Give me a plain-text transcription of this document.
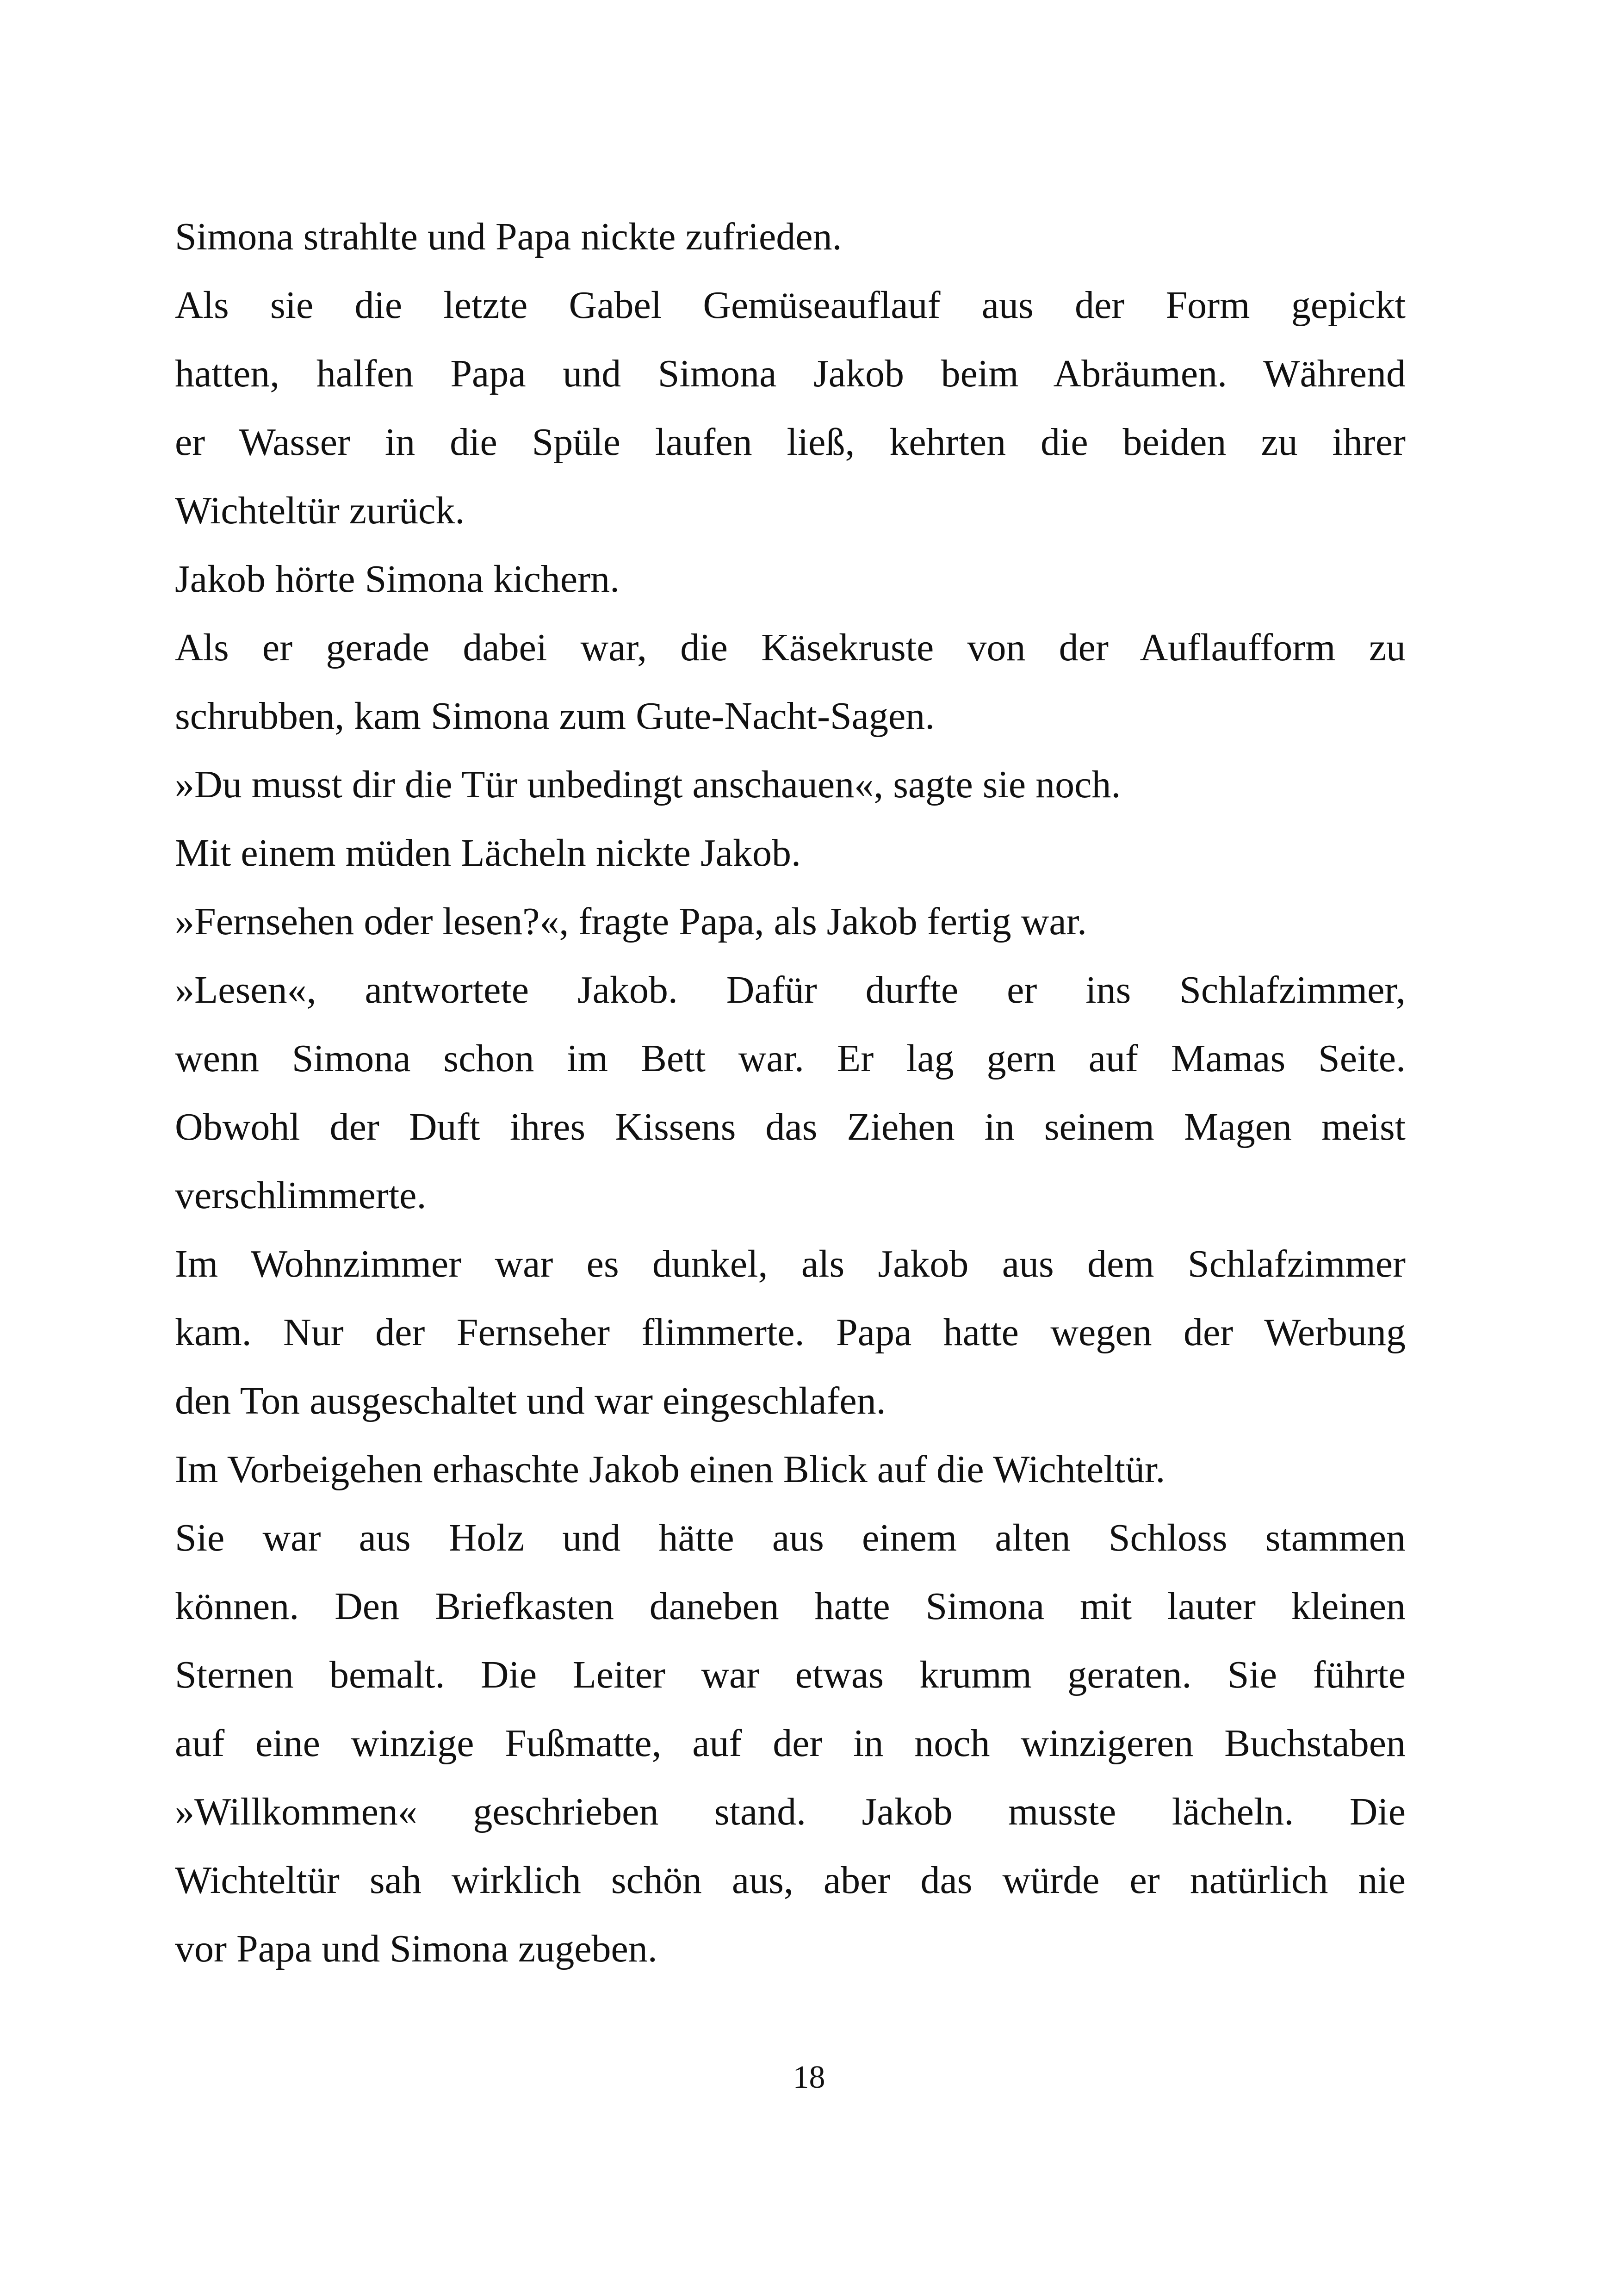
Simona strahlte und Papa nickte zufrieden.
Als sie die letzte Gabel Gemüseauflauf aus der Form gepickt
hatten, halfen Papa und Simona Jakob beim Abräumen. Während
er Wasser in die Spüle laufen ließ, kehrten die beiden zu ihrer
Wichteltür zurück.
Jakob hörte Simona kichern.
Als er gerade dabei war, die Käsekruste von der Auflaufform zu
schrubben, kam Simona zum Gute-Nacht-Sagen.
»Du musst dir die Tür unbedingt anschauen«, sagte sie noch.
Mit einem müden Lächeln nickte Jakob.
»Fernsehen oder lesen?«, fragte Papa, als Jakob fertig war.
»Lesen«, antwortete Jakob. Dafür durfte er ins Schlafzimmer,
wenn Simona schon im Bett war. Er lag gern auf Mamas Seite.
Obwohl der Duft ihres Kissens das Ziehen in seinem Magen meist
verschlimmerte.
Im Wohnzimmer war es dunkel, als Jakob aus dem Schlafzimmer
kam. Nur der Fernseher flimmerte. Papa hatte wegen der Werbung
den Ton ausgeschaltet und war eingeschlafen.
Im Vorbeigehen erhaschte Jakob einen Blick auf die Wichteltür.
Sie war aus Holz und hätte aus einem alten Schloss stammen
können. Den Briefkasten daneben hatte Simona mit lauter kleinen
Sternen bemalt. Die Leiter war etwas krumm geraten. Sie führte
auf eine winzige Fußmatte, auf der in noch winzigeren Buchstaben
»Willkommen« geschrieben stand. Jakob musste lächeln. Die
Wichteltür sah wirklich schön aus, aber das würde er natürlich nie
vor Papa und Simona zugeben.
18
